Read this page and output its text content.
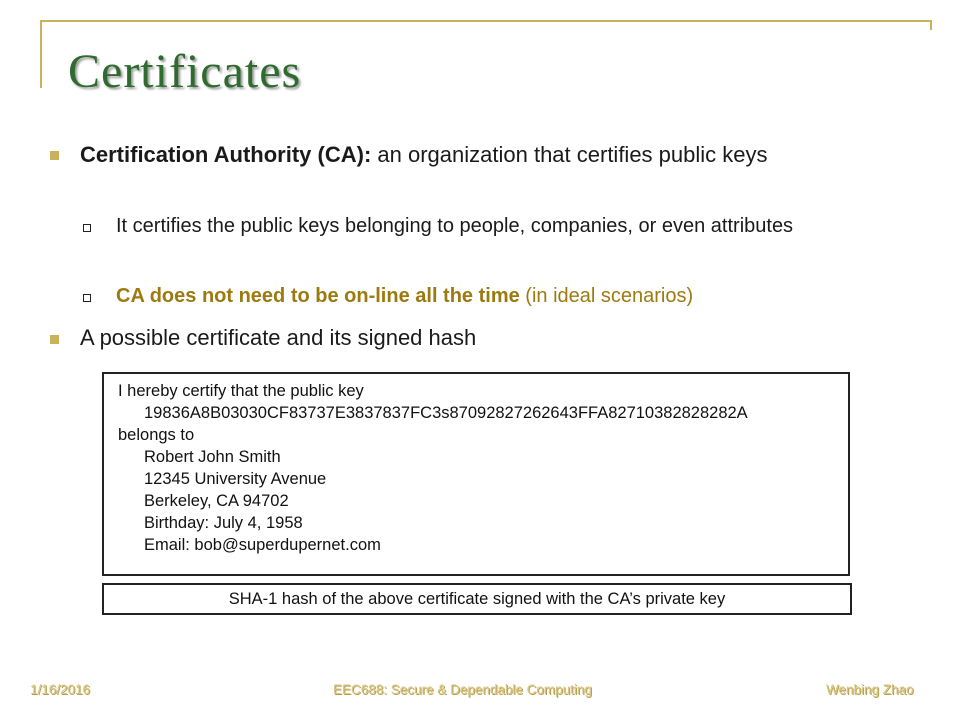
Certificates
Certification Authority (CA): an organization that certifies public keys
It certifies the public keys belonging to people, companies, or even attributes
CA does not need to be on-line all the time (in ideal scenarios)
A possible certificate and its signed hash
I hereby certify that the public key
19836A8B03030CF83737E3837837FC3s87092827262643FFA82710382828282A
belongs to
Robert John Smith
12345 University Avenue
Berkeley, CA 94702
Birthday: July 4, 1958
Email: bob@superdupernet.com
SHA-1 hash of the above certificate signed with the CA’s private key
1/16/2016	EEC688: Secure & Dependable Computing	Wenbing Zhao
